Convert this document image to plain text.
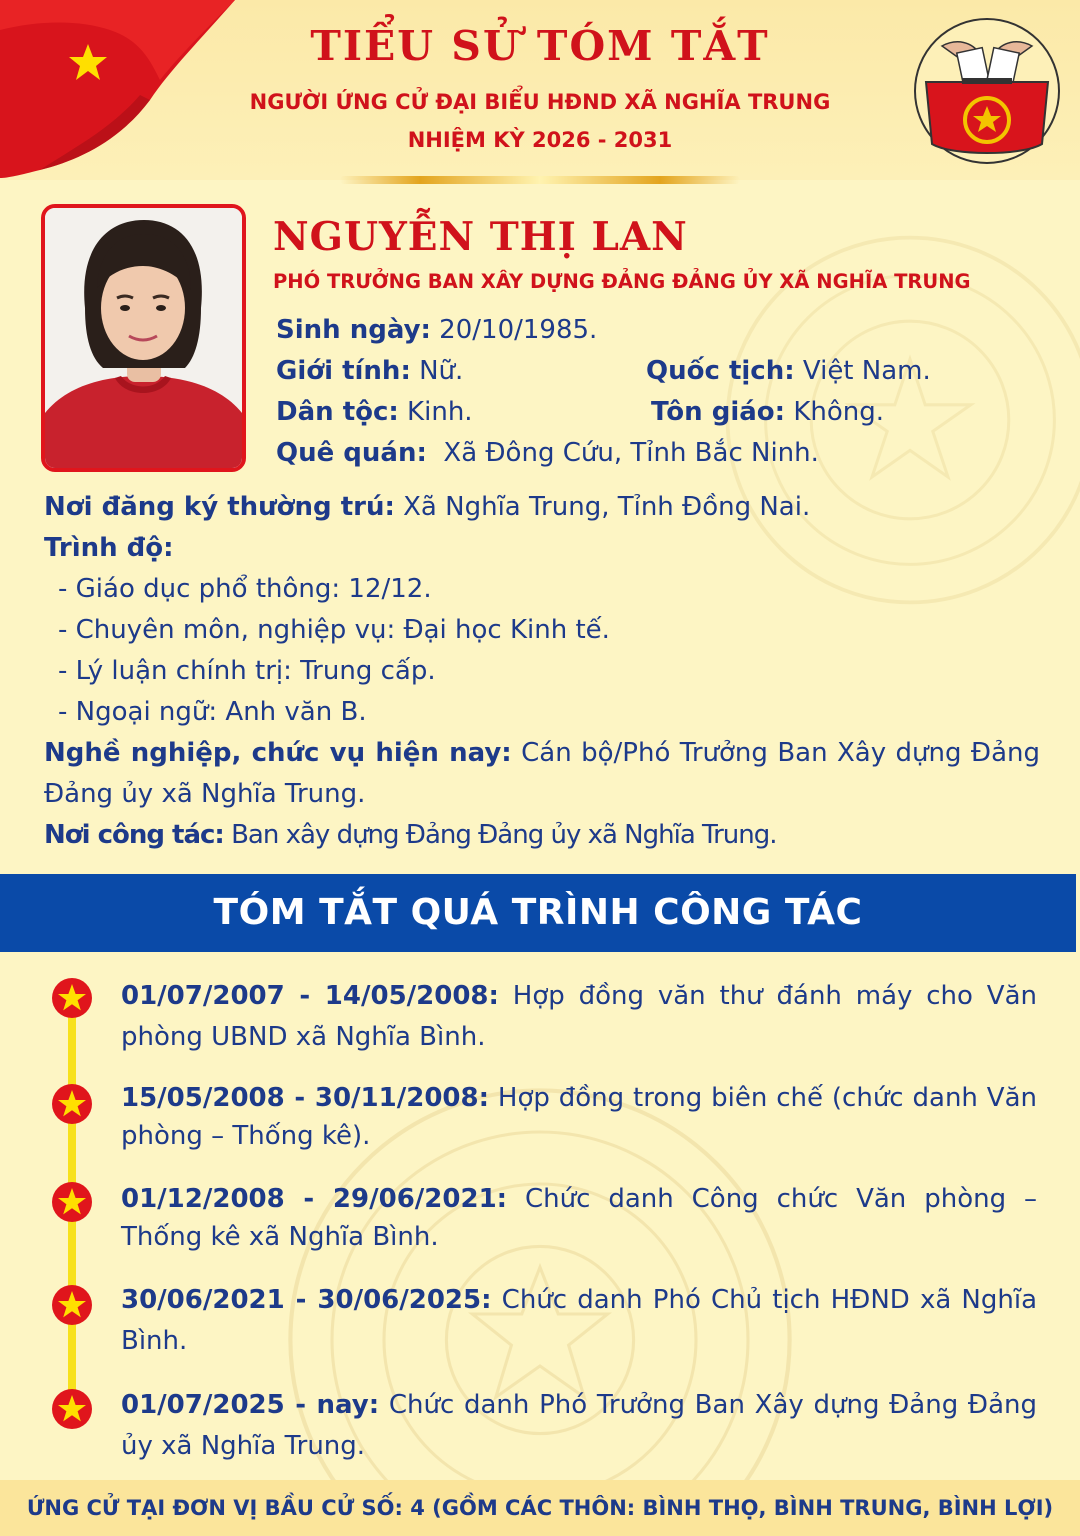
TIỂU SỬ TÓM TẮT
NGƯỜI ỨNG CỬ ĐẠI BIỂU HĐND XÃ NGHĨA TRUNG
NHIỆM KỲ 2026 - 2031
NGUYỄN THỊ LAN
PHÓ TRƯỞNG BAN XÂY DỰNG ĐẢNG ĐẢNG ỦY XÃ NGHĨA TRUNG
Sinh ngày: 20/10/1985.
Giới tính: Nữ.	Quốc tịch: Việt Nam.
Dân tộc: Kinh.	Tôn giáo: Không.
Quê quán:  Xã Đông Cứu, Tỉnh Bắc Ninh.
Nơi đăng ký thường trú: Xã Nghĩa Trung, Tỉnh Đồng Nai.
Trình độ:
- Giáo dục phổ thông: 12/12.
- Chuyên môn, nghiệp vụ: Đại học Kinh tế.
- Lý luận chính trị: Trung cấp.
- Ngoại ngữ: Anh văn B.
Nghề nghiệp, chức vụ hiện nay: Cán bộ/Phó Trưởng Ban Xây dựng Đảng Đảng ủy xã Nghĩa Trung.
Nơi công tác: Ban xây dựng Đảng Đảng ủy xã Nghĩa Trung.
TÓM TẮT QUÁ TRÌNH CÔNG TÁC
01/07/2007 - 14/05/2008: Hợp đồng văn thư đánh máy cho Văn phòng UBND xã Nghĩa Bình.
15/05/2008 - 30/11/2008: Hợp đồng trong biên chế (chức danh Văn phòng – Thống kê).
01/12/2008 - 29/06/2021: Chức danh Công chức Văn phòng – Thống kê xã Nghĩa Bình.
30/06/2021 - 30/06/2025: Chức danh Phó Chủ tịch HĐND xã Nghĩa Bình.
01/07/2025 - nay: Chức danh Phó Trưởng Ban Xây dựng Đảng Đảng ủy xã Nghĩa Trung.
ỨNG CỬ TẠI ĐƠN VỊ BẦU CỬ SỐ: 4 (GỒM CÁC THÔN: BÌNH THỌ, BÌNH TRUNG, BÌNH LỢI)
